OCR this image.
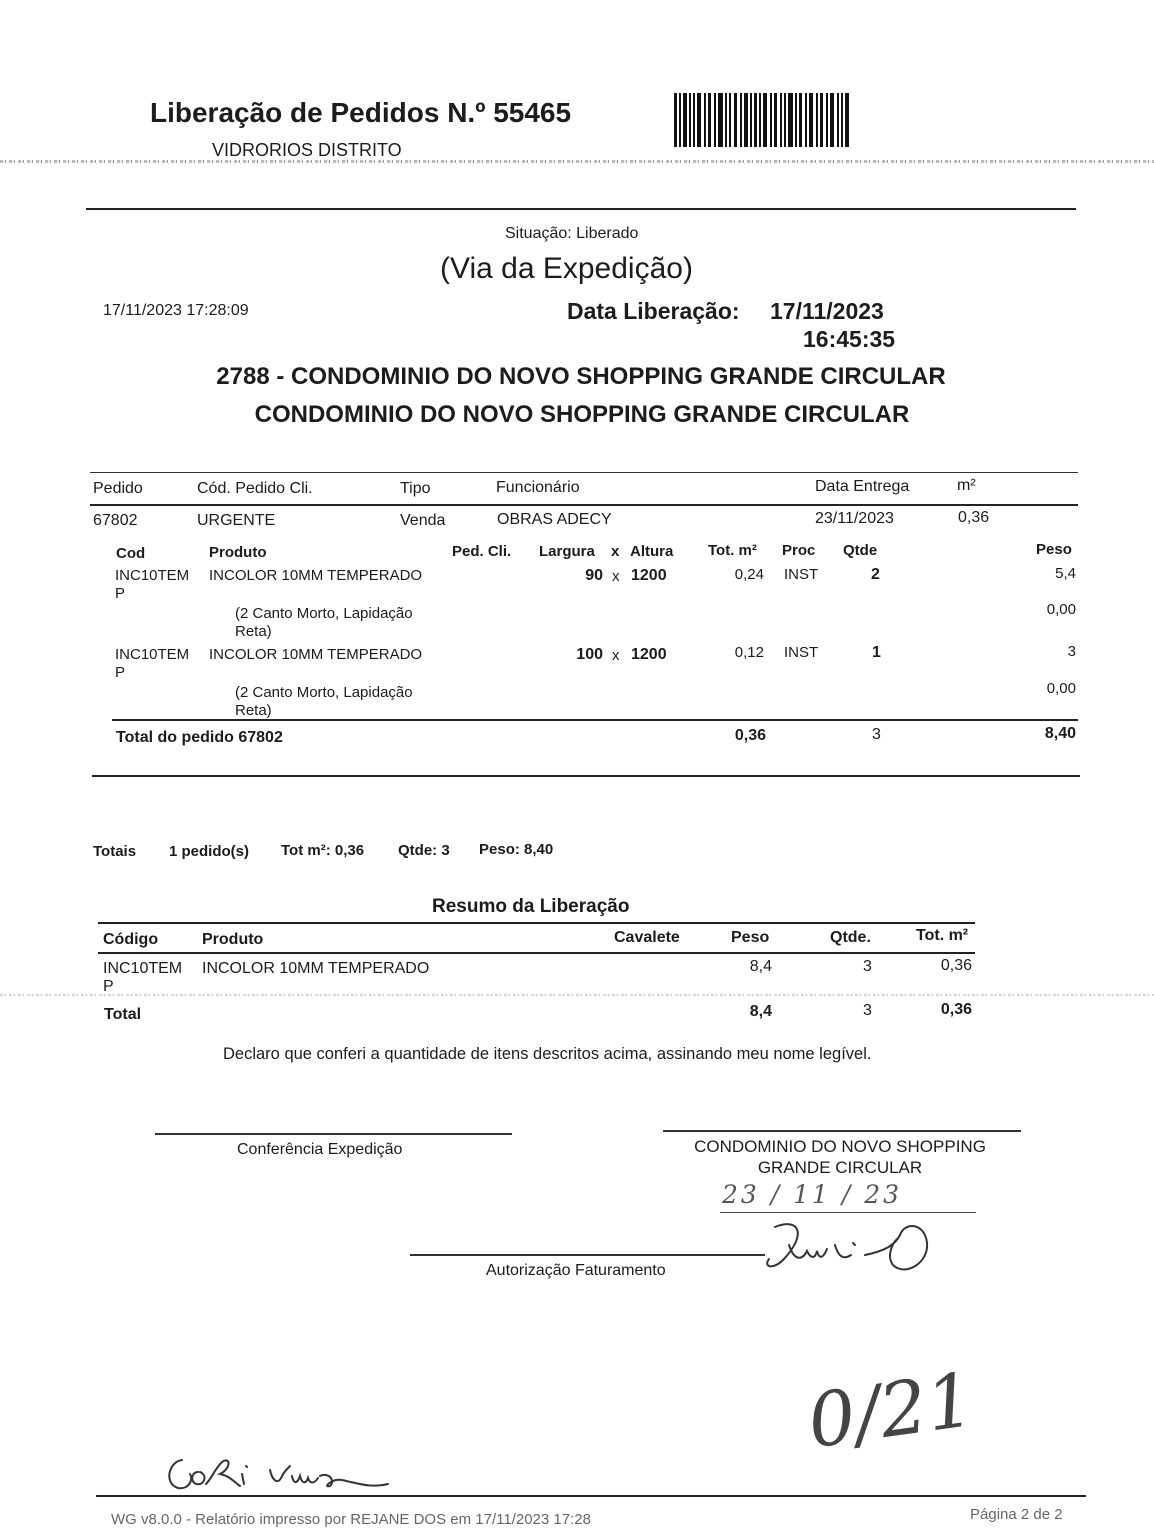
Liberação de Pedidos N.º 55465
VIDRORIOS DISTRITO
Situação: Liberado
(Via da Expedição)
17/11/2023 17:28:09	Data Liberação: 17/11/2023
16:45:35
2788 - CONDOMINIO DO NOVO SHOPPING GRANDE CIRCULAR
CONDOMINIO DO NOVO SHOPPING GRANDE CIRCULAR
Pedido	Cód. Pedido Cli.	Tipo	Funcionário	Data Entrega	m²
67802	URGENTE	Venda	OBRAS ADECY	23/11/2023	0,36
Cod	Produto	Ped. Cli. Largura x Altura Tot. m² Proc Qtde	Peso
INC10TEM
P
INCOLOR 10MM TEMPERADO	90 x 1200	0,24 INST	2	5,4
(2 Canto Morto, Lapidação
Reta)
0,00
INC10TEM
P
INCOLOR 10MM TEMPERADO	100 x 1200	0,12 INST	1	3
(2 Canto Morto, Lapidação
Reta)
0,00
Total do pedido 67802	0,36	3	8,40
Totais 1 pedido(s) Tot m²: 0,36 Qtde: 3 Peso: 8,40
Resumo da Liberação
Código	Produto	Cavalete	Peso	Qtde.	Tot. m²
INC10TEM
P
INCOLOR 10MM TEMPERADO	8,4	3	0,36
Total	8,4	3	0,36
Declaro que conferi a quantidade de itens descritos acima, assinando meu nome legível.
Conferência Expedição	CONDOMINIO DO NOVO SHOPPING
GRANDE CIRCULAR
23 / 11 / 23
Autorização Faturamento
0/21
WG v8.0.0 - Relatório impresso por REJANE DOS em 17/11/2023 17:28	Página 2 de 2
